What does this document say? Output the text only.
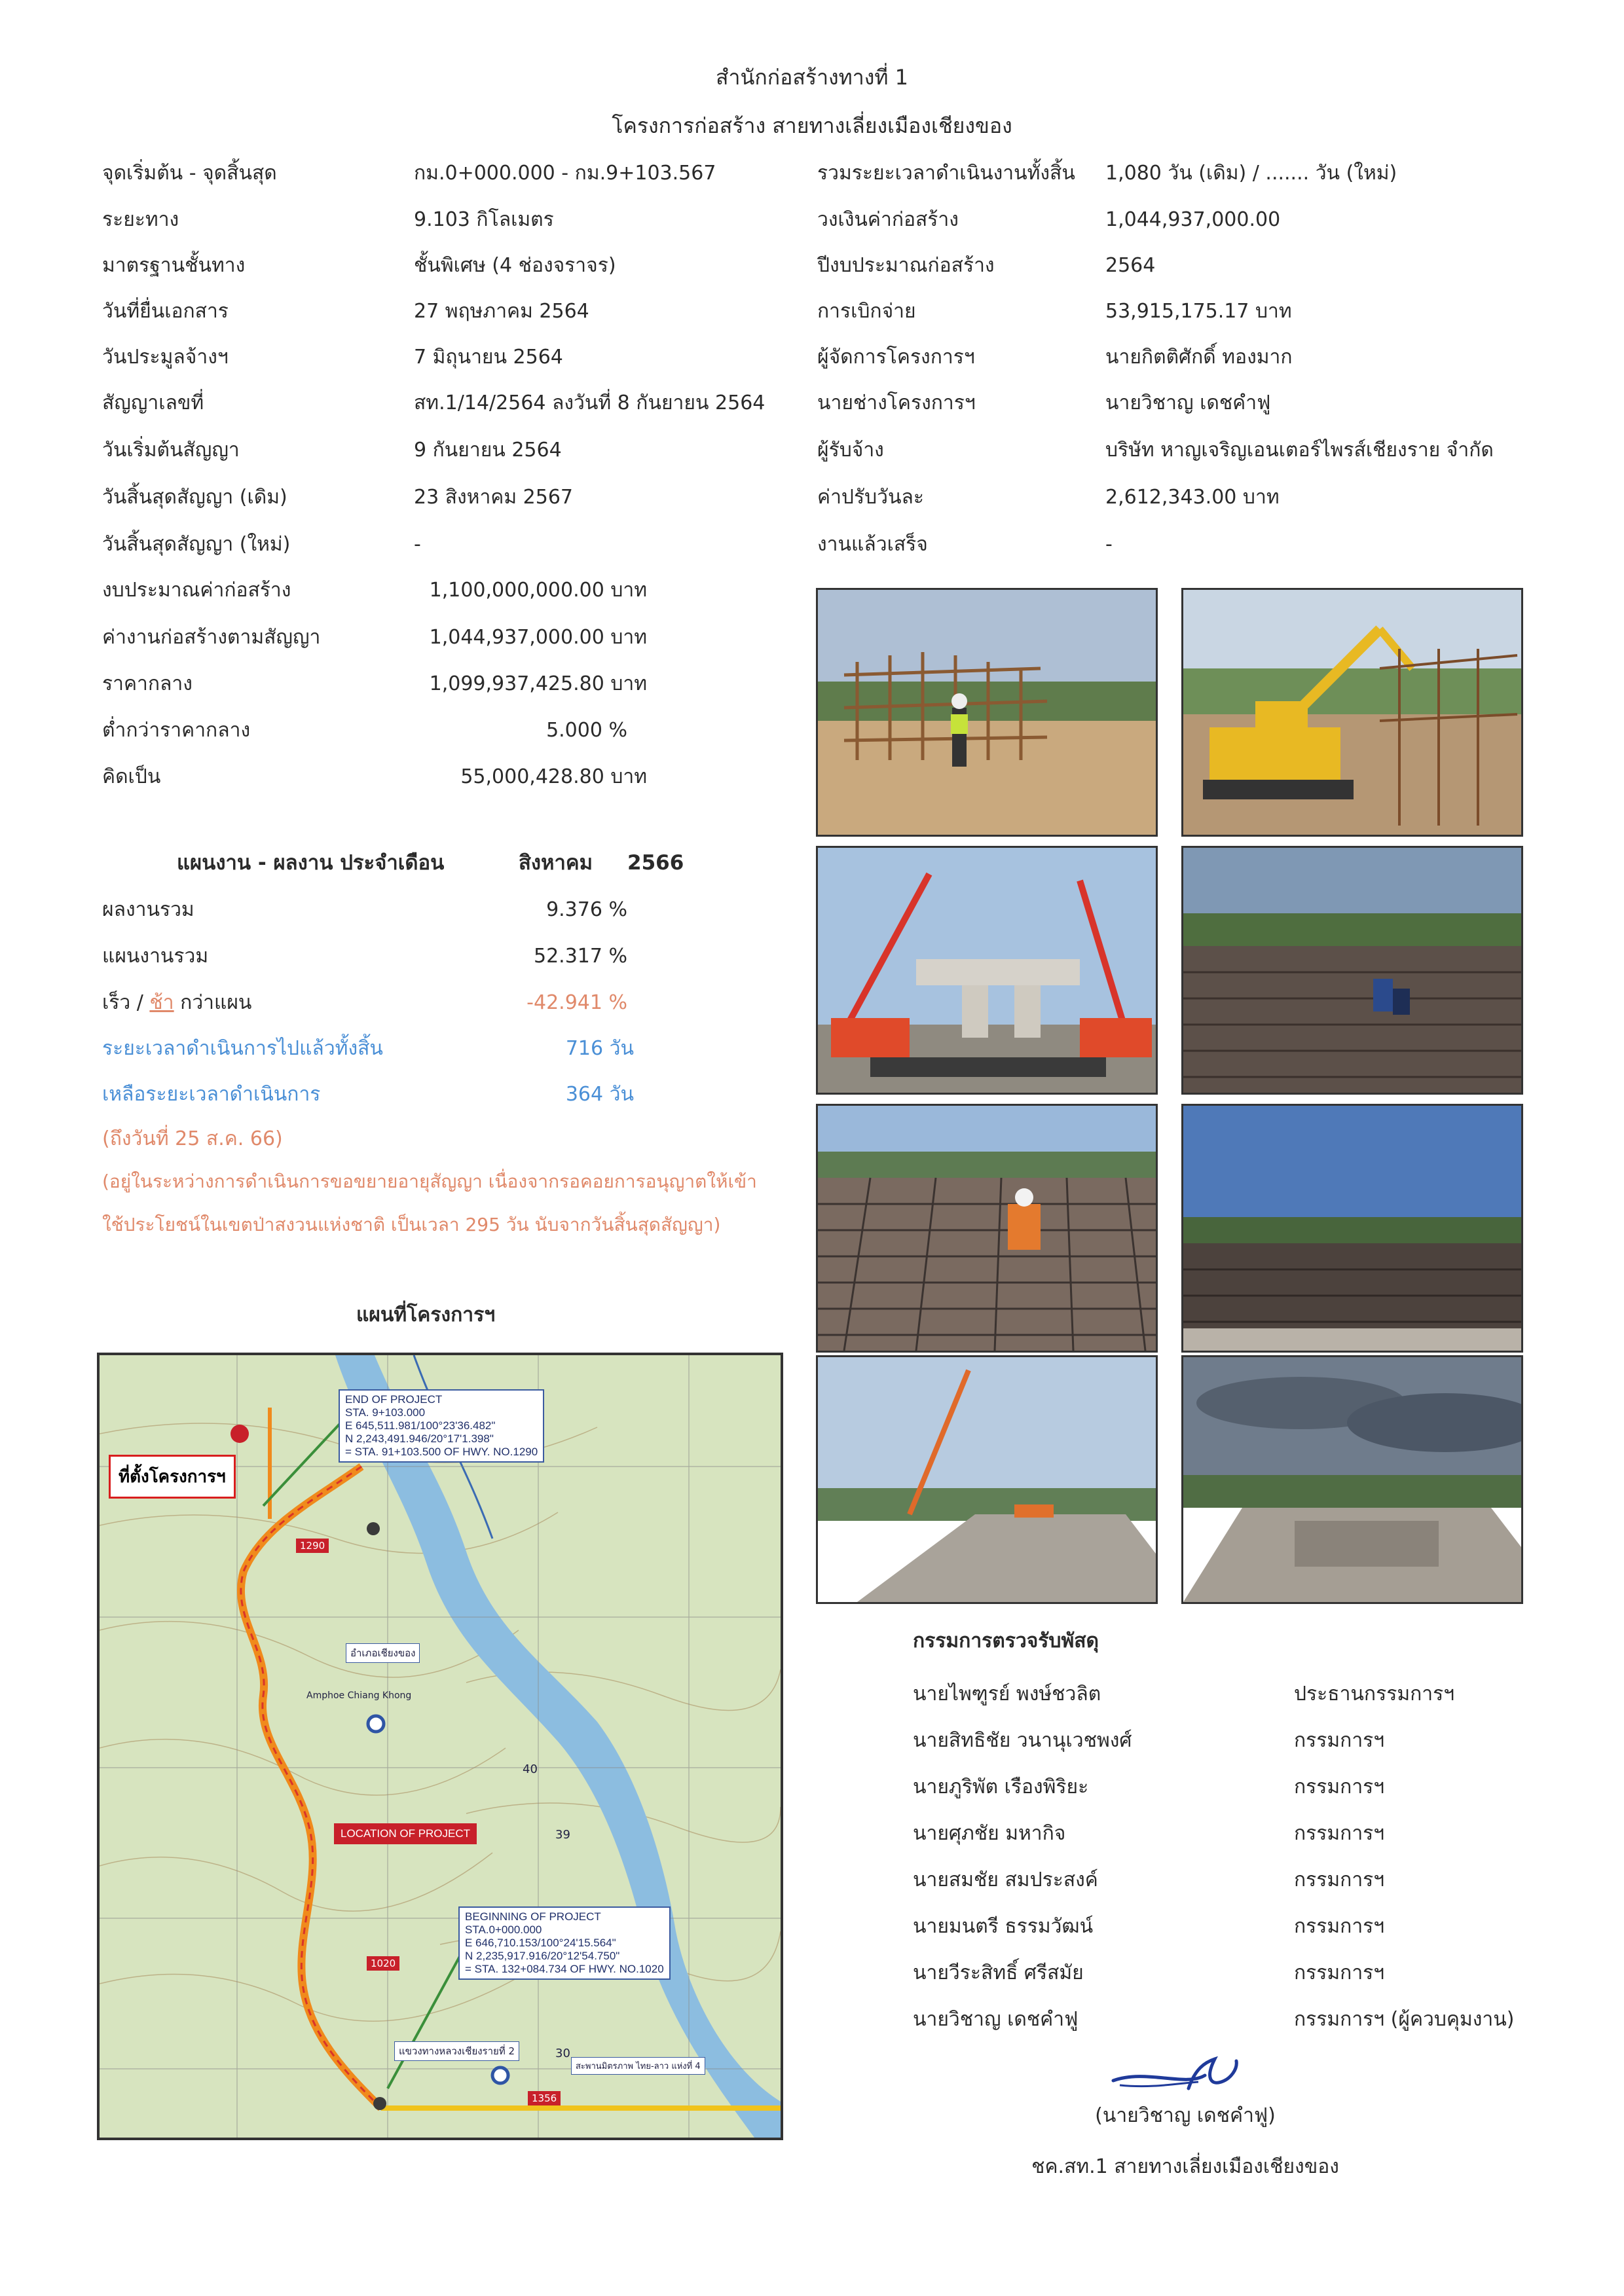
สำนักก่อสร้างทางที่ 1
โครงการก่อสร้าง สายทางเลี่ยงเมืองเชียงของ
จุดเริ่มต้น - จุดสิ้นสุด	กม.0+000.000 - กม.9+103.567
ระยะทาง	9.103 กิโลเมตร
มาตรฐานชั้นทาง	ชั้นพิเศษ (4 ช่องจราจร)
วันที่ยื่นเอกสาร	27 พฤษภาคม 2564
วันประมูลจ้างฯ	7 มิถุนายน 2564
สัญญาเลขที่	สท.1/14/2564 ลงวันที่ 8 กันยายน 2564
วันเริ่มต้นสัญญา	9 กันยายน 2564
วันสิ้นสุดสัญญา (เดิม)	23 สิงหาคม 2567
วันสิ้นสุดสัญญา (ใหม่)	-
รวมระยะเวลาดำเนินงานทั้งสิ้น 1,080 วัน (เดิม) / ....... วัน (ใหม่)
วงเงินค่าก่อสร้าง	1,044,937,000.00
ปีงบประมาณก่อสร้าง	2564
การเบิกจ่าย	53,915,175.17 บาท
ผู้จัดการโครงการฯ	นายกิตติศักดิ์ ทองมาก
นายช่างโครงการฯ	นายวิชาญ เดชคำฟู
ผู้รับจ้าง	บริษัท หาญเจริญเอนเตอร์ไพรส์เชียงราย จำกัด
ค่าปรับวันละ	2,612,343.00 บาท
งานแล้วเสร็จ	-
งบประมาณค่าก่อสร้าง	1,100,000,000.00 บาท
ค่างานก่อสร้างตามสัญญา	1,044,937,000.00 บาท
ราคากลาง	1,099,937,425.80 บาท
ต่ำกว่าราคากลาง	5.000 %
คิดเป็น	55,000,428.80 บาท
แผนงาน - ผลงาน ประจำเดือน	สิงหาคม 2566
ผลงานรวม	9.376 %
แผนงานรวม	52.317 %
เร็ว / ช้า กว่าแผน	-42.941 %
ระยะเวลาดำเนินการไปแล้วทั้งสิ้น	716 วัน
เหลือระยะเวลาดำเนินการ	364 วัน
(ถึงวันที่ 25 ส.ค. 66)
(อยู่ในระหว่างการดำเนินการขอขยายอายุสัญญา เนื่องจากรอคอยการอนุญาตให้เข้า
ใช้ประโยชน์ในเขตป่าสงวนแห่งชาติ เป็นเวลา 295 วัน นับจากวันสิ้นสุดสัญญา)
แผนที่โครงการฯ
END OF PROJECT
STA. 9+103.000
E 645,511.981/100°23'36.482"
N 2,243,491.946/20°17'1.398"
= STA. 91+103.500 OF HWY. NO.1290
ที่ตั้งโครงการฯ
อำเภอเชียงของ
Amphoe Chiang Khong
LOCATION OF PROJECT
BEGINNING OF PROJECT
STA.0+000.000
E 646,710.153/100°24'15.564"
N 2,235,917.916/20°12'54.750"
= STA. 132+084.734 OF HWY. NO.1020
แขวงทางหลวงเชียงรายที่ 2
สะพานมิตรภาพ ไทย-ลาว แห่งที่ 4
1290
1020
1356
39
40
30
กรรมการตรวจรับพัสดุ
นายไพฑูรย์ พงษ์ชวลิต	ประธานกรรมการฯ
นายสิทธิชัย วนานุเวชพงศ์	กรรมการฯ
นายภูริพัต เรืองพิริยะ	กรรมการฯ
นายศุภชัย มหากิจ	กรรมการฯ
นายสมชัย สมประสงค์	กรรมการฯ
นายมนตรี ธรรมวัฒน์	กรรมการฯ
นายวีระสิทธิ์ ศรีสมัย	กรรมการฯ
นายวิชาญ เดชคำฟู	กรรมการฯ (ผู้ควบคุมงาน)
(นายวิชาญ เดชคำฟู)
ชค.สท.1 สายทางเลี่ยงเมืองเชียงของ
